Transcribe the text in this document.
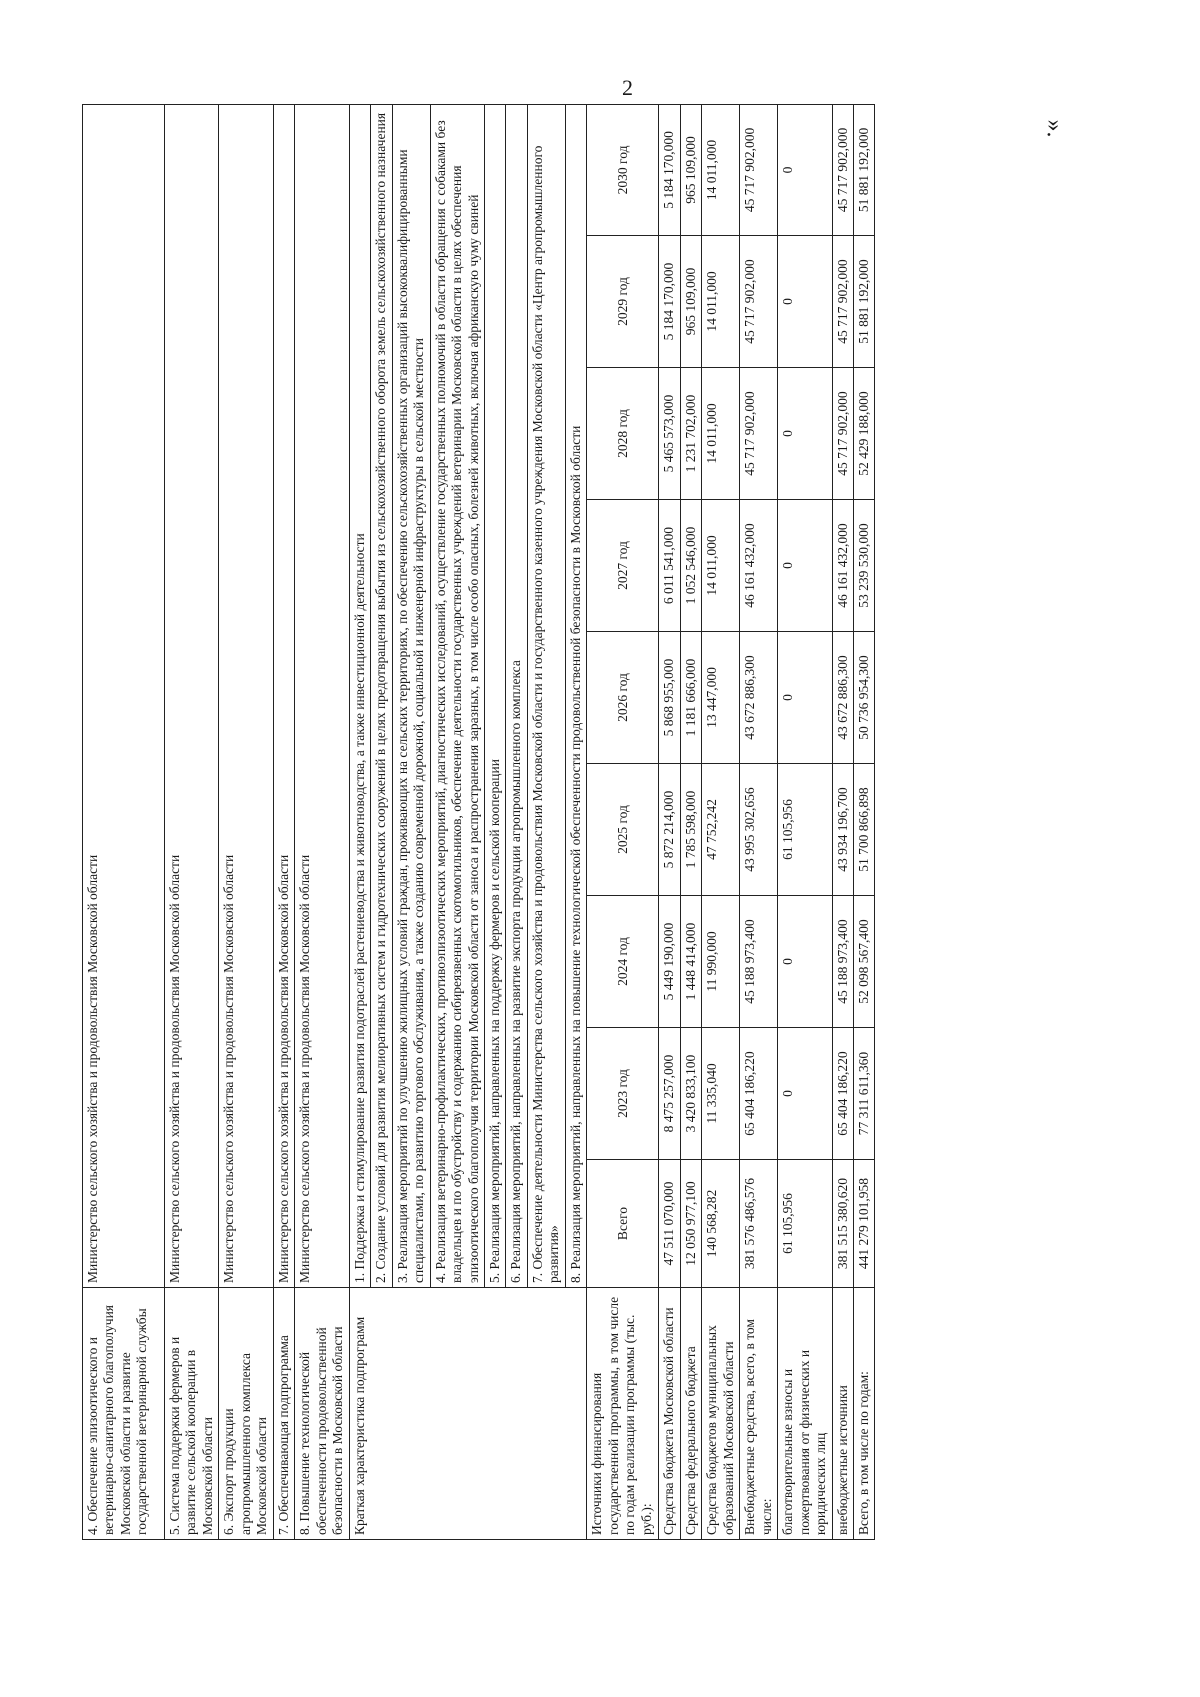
2
».
4. Обеспечение эпизоотического и ветеринарно-санитарного благополучия Московской области и развитие государственной ветеринарной службы	Министерство сельского хозяйства и продовольствия Московской области								
5. Система поддержки фермеров и развитие сельской кооперации в Московской области	Министерство сельского хозяйства и продовольствия Московской области								
6. Экспорт продукции агропромышленного комплекса Московской области	Министерство сельского хозяйства и продовольствия Московской области								
7. Обеспечивающая подпрограмма	Министерство сельского хозяйства и продовольствия Московской области								
8. Повышение технологической обеспеченности продовольственной безопасности в Московской области	Министерство сельского хозяйства и продовольствия Московской области								
Краткая характеристика подпрограмм	1. Поддержка и стимулирование развития подотраслей растениеводства и животноводства, а также инвестиционной деятельности								
	2. Создание условий для развития мелиоративных систем и гидротехнических сооружений в целях предотвращения выбытия из сельскохозяйственного оборота земель сельскохозяйственного назначения								
	3. Реализация мероприятий по улучшению жилищных условий граждан, проживающих на сельских территориях, по обеспечению сельскохозяйственных организаций высококвалифицированными специалистами, по развитию торгового обслуживания, а также созданию современной дорожной, социальной и инженерной инфраструктуры в сельской местности								
	4. Реализация ветеринарно-профилактических, противоэпизоотических мероприятий, диагностических исследований, осуществление государственных полномочий в области обращения с собаками без владельцев и по обустройству и содержанию сибиреязвенных скотомогильников, обеспечение деятельности государственных учреждений ветеринарии Московской области в целях обеспечения эпизоотического благополучия территории Московской области от заноса и распространения заразных, в том числе особо опасных, болезней животных, включая африканскую чуму свиней								
	5. Реализация мероприятий, направленных на поддержку фермеров и сельской кооперации								
	6. Реализация мероприятий, направленных на развитие экспорта продукции агропромышленного комплекса								
	7. Обеспечение деятельности Министерства сельского хозяйства и продовольствия Московской области и государственного казенного учреждения Московской области «Центр агропромышленного развития»								
	8. Реализация мероприятий, направленных на повышение технологической обеспеченности продовольственной безопасности в Московской области								
Источники финансирования государственной программы, в том числе по годам реализации программы (тыс. руб.):	Всего	2023 год	2024 год	2025 год	2026 год	2027 год	2028 год	2029 год	2030 год
Средства бюджета Московской области	47 511 070,000	8 475 257,000	5 449 190,000	5 872 214,000	5 868 955,000	6 011 541,000	5 465 573,000	5 184 170,000	5 184 170,000
Средства федерального бюджета	12 050 977,100	3 420 833,100	1 448 414,000	1 785 598,000	1 181 666,000	1 052 546,000	1 231 702,000	965 109,000	965 109,000
Средства бюджетов муниципальных образований Московской области	140 568,282	11 335,040	11 990,000	47 752,242	13 447,000	14 011,000	14 011,000	14 011,000	14 011,000
Внебюджетные средства, всего, в том числе:	381 576 486,576	65 404 186,220	45 188 973,400	43 995 302,656	43 672 886,300	46 161 432,000	45 717 902,000	45 717 902,000	45 717 902,000
благотворительные взносы и пожертвования от физических и юридических лиц	61 105,956	0	0	61 105,956	0	0	0	0	0
внебюджетные источники	381 515 380,620	65 404 186,220	45 188 973,400	43 934 196,700	43 672 886,300	46 161 432,000	45 717 902,000	45 717 902,000	45 717 902,000
Всего, в том числе по годам:	441 279 101,958	77 311 611,360	52 098 567,400	51 700 866,898	50 736 954,300	53 239 530,000	52 429 188,000	51 881 192,000	51 881 192,000
